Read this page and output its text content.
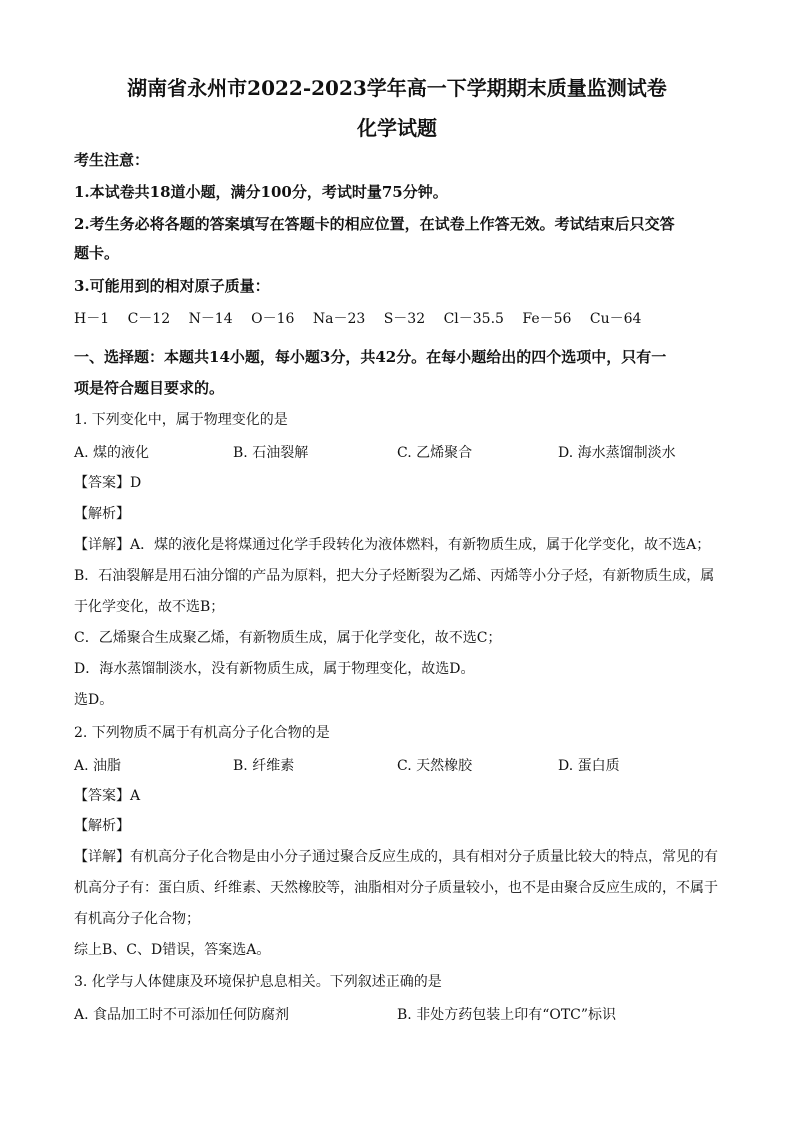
湖南省永州市2022-2023学年高一下学期期末质量监测试卷
化学试题
考生注意：
1.本试卷共18道小题，满分100分，考试时量75分钟。
2.考生务必将各题的答案填写在答题卡的相应位置，在试卷上作答无效。考试结束后只交答
题卡。
3.可能用到的相对原子质量：
H－1 C－12 N－14 O－16 Na－23 S－32 Cl－35.5 Fe－56 Cu－64
一、选择题：本题共14小题，每小题3分，共42分。在每小题给出的四个选项中，只有一
项是符合题目要求的。
1. 下列变化中，属于物理变化的是
A. 煤的液化	B. 石油裂解	C. 乙烯聚合	D. 海水蒸馏制淡水
【答案】D
【解析】
【详解】A．煤的液化是将煤通过化学手段转化为液体燃料，有新物质生成，属于化学变化，故不选A；
B．石油裂解是用石油分馏的产品为原料，把大分子烃断裂为乙烯、丙烯等小分子烃，有新物质生成，属
于化学变化，故不选B；
C．乙烯聚合生成聚乙烯，有新物质生成，属于化学变化，故不选C；
D．海水蒸馏制淡水，没有新物质生成，属于物理变化，故选D。
选D。
2. 下列物质不属于有机高分子化合物的是
A. 油脂	B. 纤维素	C. 天然橡胶	D. 蛋白质
【答案】A
【解析】
【详解】有机高分子化合物是由小分子通过聚合反应生成的，具有相对分子质量比较大的特点，常见的有
机高分子有：蛋白质、纤维素、天然橡胶等，油脂相对分子质量较小，也不是由聚合反应生成的，不属于
有机高分子化合物；
综上B、C、D错误，答案选A。
3. 化学与人体健康及环境保护息息相关。下列叙述正确的是
A. 食品加工时不可添加任何防腐剂	B. 非处方药包装上印有“OTC”标识
